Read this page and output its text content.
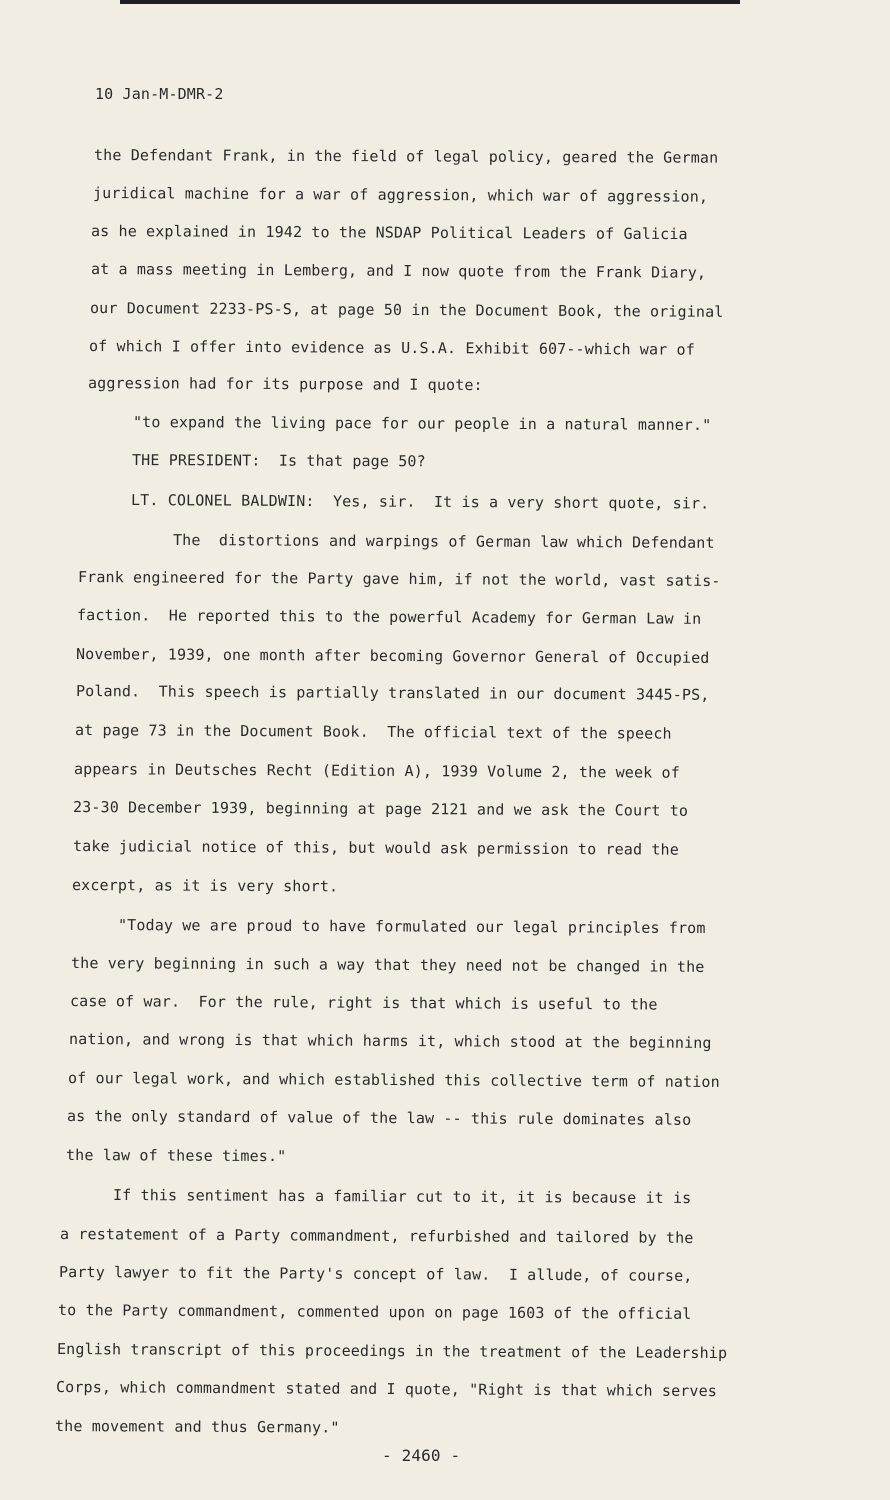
10 Jan-M-DMR-2
the Defendant Frank, in the field of legal policy, geared the German
juridical machine for a war of aggression, which war of aggression,
as he explained in 1942 to the NSDAP Political Leaders of Galicia
at a mass meeting in Lemberg, and I now quote from the Frank Diary,
our Document 2233-PS-S, at page 50 in the Document Book, the original
of which I offer into evidence as U.S.A. Exhibit 607--which war of
aggression had for its purpose and I quote:
"to expand the living pace for our people in a natural manner."
THE PRESIDENT:  Is that page 50?
LT. COLONEL BALDWIN:  Yes, sir.  It is a very short quote, sir.
The  distortions and warpings of German law which Defendant
Frank engineered for the Party gave him, if not the world, vast satis-
faction.  He reported this to the powerful Academy for German Law in
November, 1939, one month after becoming Governor General of Occupied
Poland.  This speech is partially translated in our document 3445-PS,
at page 73 in the Document Book.  The official text of the speech
appears in Deutsches Recht (Edition A), 1939 Volume 2, the week of
23-30 December 1939, beginning at page 2121 and we ask the Court to
take judicial notice of this, but would ask permission to read the
excerpt, as it is very short.
"Today we are proud to have formulated our legal principles from
the very beginning in such a way that they need not be changed in the
case of war.  For the rule, right is that which is useful to the
nation, and wrong is that which harms it, which stood at the beginning
of our legal work, and which established this collective term of nation
as the only standard of value of the law -- this rule dominates also
the law of these times."
If this sentiment has a familiar cut to it, it is because it is
a restatement of a Party commandment, refurbished and tailored by the
Party lawyer to fit the Party's concept of law.  I allude, of course,
to the Party commandment, commented upon on page 1603 of the official
English transcript of this proceedings in the treatment of the Leadership
Corps, which commandment stated and I quote, "Right is that which serves
the movement and thus Germany."
- 2460 -
